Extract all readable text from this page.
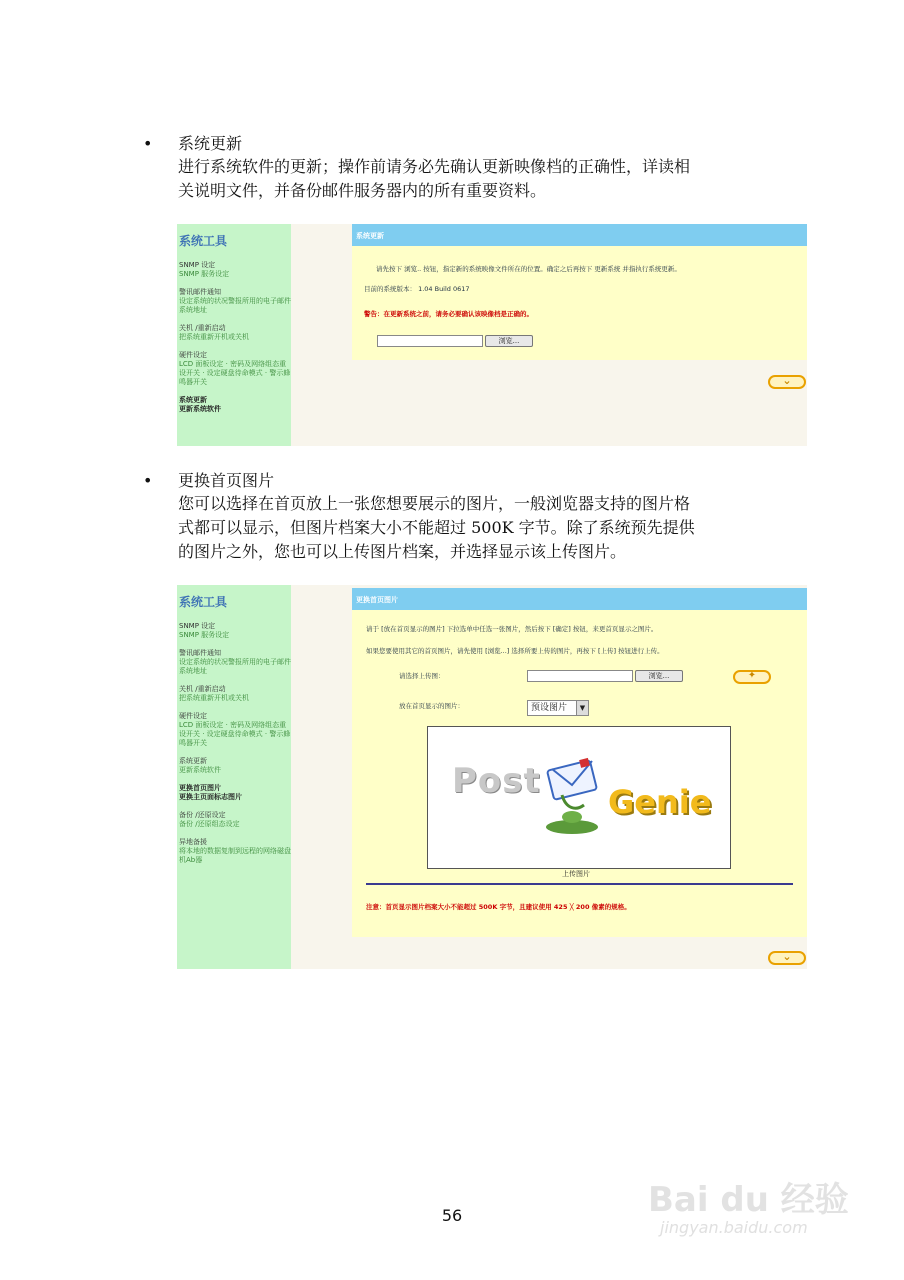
• 系统更新
进行系统软件的更新；操作前请务必先确认更新映像档的正确性，详读相
关说明文件，并备份邮件服务器内的所有重要资料。
系统工具
SNMP 设定
SNMP 服务设定
警讯邮件通知
设定系统的状况警报所用的电子邮件系统地址
关机 /重新启动
把系统重新开机或关机
硬件设定
LCD 面板设定 · 密码及网络组态重设开关 · 设定硬盘待命模式 · 警示蜂鸣器开关
系统更新
更新系统软件
系统更新
请先按下 浏览.. 按钮，指定新的系统映像文件所在的位置。确定之后再按下 更新系统 并指执行系统更新。
目前的系统版本： 1.04 Build 0617
警告：在更新系统之前，请务必要确认该映像档是正确的。
浏览...
⌄
• 更换首页图片
您可以选择在首页放上一张您想要展示的图片，一般浏览器支持的图片格
式都可以显示，但图片档案大小不能超过 500K 字节。除了系统预先提供
的图片之外，您也可以上传图片档案，并选择显示该上传图片。
系统工具
SNMP 设定
SNMP 服务设定
警讯邮件通知
设定系统的状况警报所用的电子邮件系统地址
关机 /重新启动
把系统重新开机或关机
硬件设定
LCD 面板设定 · 密码及网络组态重设开关 · 设定硬盘待命模式 · 警示蜂鸣器开关
系统更新
更新系统软件
更换首页图片
更换主页面标志图片
备份 /还原设定
备份 /还原组态设定
异地备援
将本地的数据复制到远程的网络磁盘机Ab器
更换首页图片
请于 [放在首页显示的图片] 下拉选单中任选一张图片，然后按下 [确定] 按钮，来更首页显示之图片。
如果您要使用其它的首页图片，请先使用 [浏览...] 选择所要上传的图片，再按下 [上传] 按钮进行上传。
请选择上传图：	浏览...	✦
放在首页显示的图片：	预设图片	▼
Post
Genie
上传图片
注意：首页显示图片档案大小不能超过 500K 字节，且建议使用 425 ╳ 200 像素的规格。
⌄
56	Bai du 经验
jingyan.baidu.com
